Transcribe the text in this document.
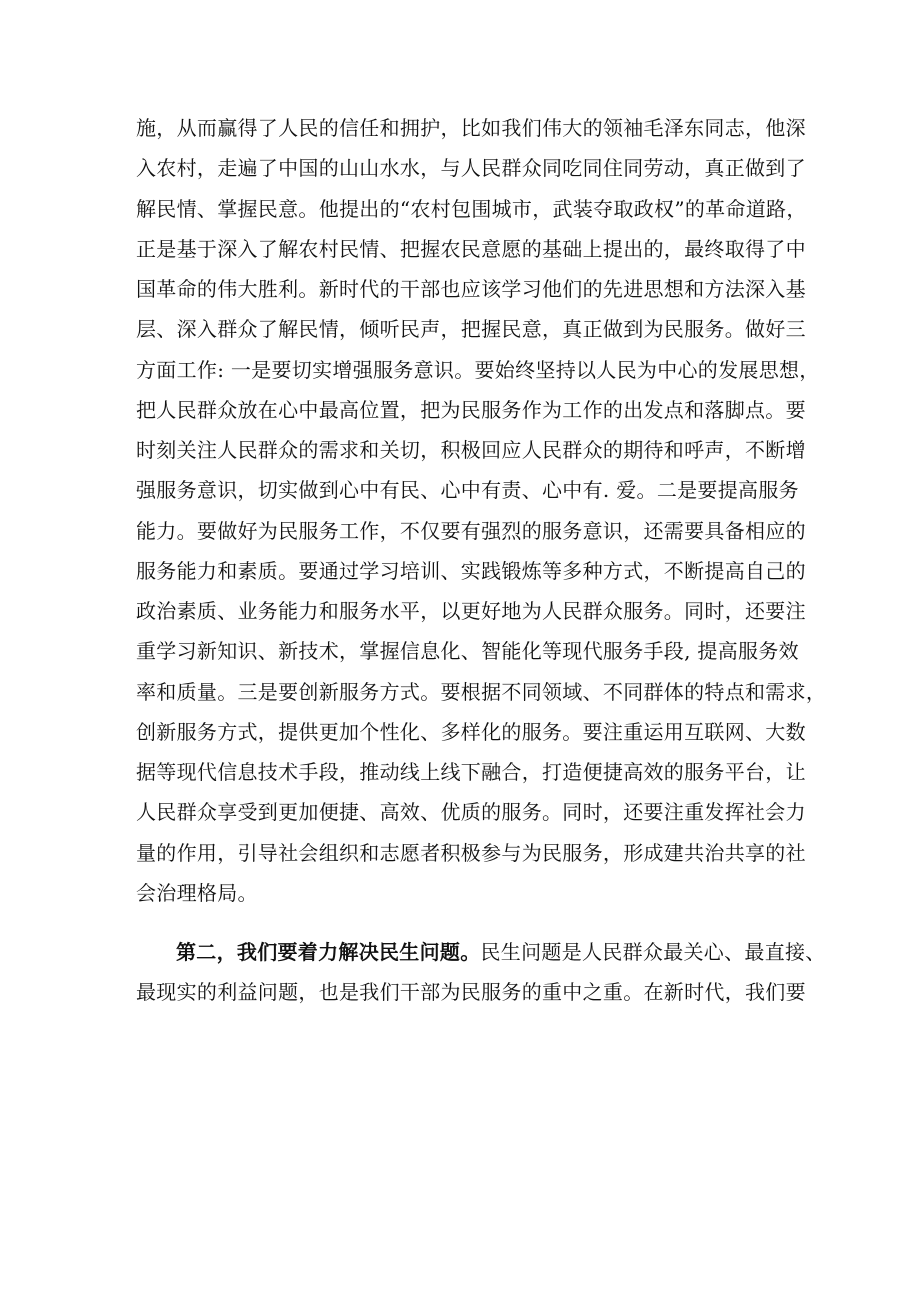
施，从而赢得了人民的信任和拥护，比如我们伟大的领袖毛泽东同志，他深
入农村，走遍了中国的山山水水，与人民群众同吃同住同劳动，真正做到了
解民情、掌握民意。他提出的“农村包围城市，武装夺取政权”的革命道路，
正是基于深入了解农村民情、把握农民意愿的基础上提出的，最终取得了中
国革命的伟大胜利。新时代的干部也应该学习他们的先进思想和方法深入基
层、深入群众了解民情，倾听民声，把握民意，真正做到为民服务。做好三
方面工作: 一是要切实增强服务意识。要始终坚持以人民为中心的发展思想，
把人民群众放在心中最高位置，把为民服务作为工作的出发点和落脚点。要
时刻关注人民群众的需求和关切，积极回应人民群众的期待和呼声，不断增
强服务意识，切实做到心中有民、心中有责、心中有. 爱。二是要提高服务
能力。要做好为民服务工作，不仅要有强烈的服务意识，还需要具备相应的
服务能力和素质。要通过学习培训、实践锻炼等多种方式，不断提高自己的
政治素质、业务能力和服务水平，以更好地为人民群众服务。同时，还要注
重学习新知识、新技术，掌握信息化、智能化等现代服务手段, 提高服务效
率和质量。三是要创新服务方式。要根据不同领域、不同群体的特点和需求，
创新服务方式，提供更加个性化、多样化的服务。要注重运用互联网、大数
据等现代信息技术手段，推动线上线下融合，打造便捷高效的服务平台，让
人民群众享受到更加便捷、高效、优质的服务。同时，还要注重发挥社会力
量的作用，引导社会组织和志愿者积极参与为民服务，形成建共治共享的社
会治理格局。
第二，我们要着力解决民生问题。民生问题是人民群众最关心、最直接、
最现实的利益问题，也是我们干部为民服务的重中之重。在新时代，我们要
